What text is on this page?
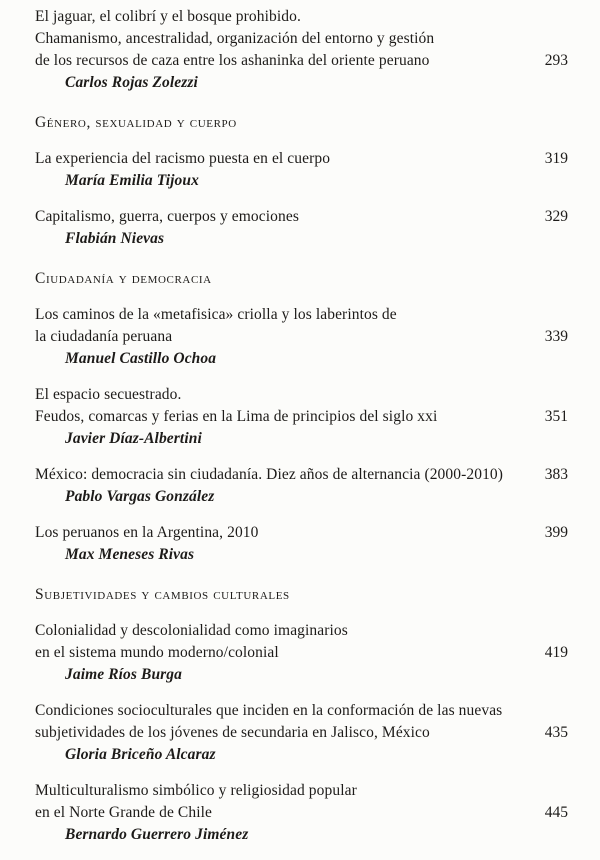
El jaguar, el colibrí y el bosque prohibido.
Chamanismo, ancestralidad, organización del entorno y gestión
de los recursos de caza entre los ashaninka del oriente peruano	293
Carlos Rojas Zolezzi
Género, sexualidad y cuerpo
La experiencia del racismo puesta en el cuerpo	319
María Emilia Tijoux
Capitalismo, guerra, cuerpos y emociones	329
Flabián Nievas
Ciudadanía y democracia
Los caminos de la «metafisica» criolla y los laberintos de
la ciudadanía peruana	339
Manuel Castillo Ochoa
El espacio secuestrado.
Feudos, comarcas y ferias en la Lima de principios del siglo xxi	351
Javier Díaz-Albertini
México: democracia sin ciudadanía. Diez años de alternancia (2000-2010)	383
Pablo Vargas González
Los peruanos en la Argentina, 2010	399
Max Meneses Rivas
Subjetividades y cambios culturales
Colonialidad y descolonialidad como imaginarios
en el sistema mundo moderno/colonial	419
Jaime Ríos Burga
Condiciones socioculturales que inciden en la conformación de las nuevas
subjetividades de los jóvenes de secundaria en Jalisco, México	435
Gloria Briceño Alcaraz
Multiculturalismo simbólico y religiosidad popular
en el Norte Grande de Chile	445
Bernardo Guerrero Jiménez
